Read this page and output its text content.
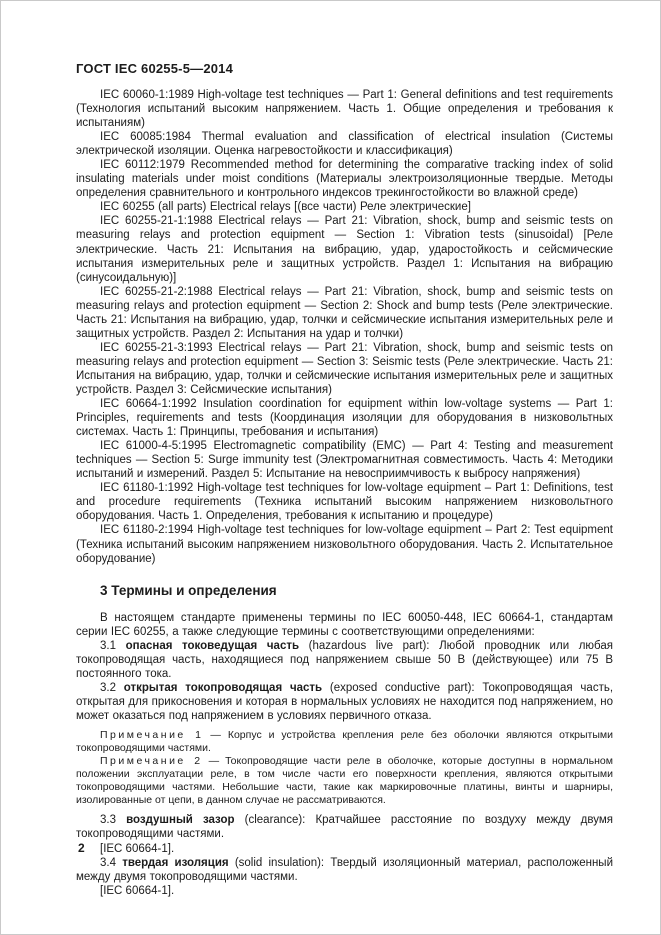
ГОСТ IEC 60255-5—2014

IEC 60060-1:1989 High-voltage test techniques — Part 1: General definitions and test requirements (Технология испытаний высоким напряжением. Часть 1. Общие определения и требования к испытаниям)

IEC 60085:1984 Thermal evaluation and classification of electrical insulation (Системы электрической изоляции. Оценка нагревостойкости и классификация)

IEC 60112:1979 Recommended method for determining the comparative tracking index of solid insulating materials under moist conditions (Материалы электроизоляционные твердые. Методы определения сравнительного и контрольного индексов трекингостойкости во влажной среде)

IEC 60255 (all parts) Electrical relays [(все части) Реле электрические]

IEC 60255-21-1:1988 Electrical relays — Part 21: Vibration, shock, bump and seismic tests on measuring relays and protection equipment — Section 1: Vibration tests (sinusoidal) [Реле электрические. Часть 21: Испытания на вибрацию, удар, ударостойкость и сейсмические испытания измерительных реле и защитных устройств. Раздел 1: Испытания на вибрацию (синусоидальную)]

IEC 60255-21-2:1988 Electrical relays — Part 21: Vibration, shock, bump and seismic tests on measuring relays and protection equipment — Section 2: Shock and bump tests (Реле электрические. Часть 21: Испытания на вибрацию, удар, толчки и сейсмические испытания измерительных реле и защитных устройств. Раздел 2: Испытания на удар и толчки)

IEC 60255-21-3:1993 Electrical relays — Part 21: Vibration, shock, bump and seismic tests on measuring relays and protection equipment — Section 3: Seismic tests (Реле электрические. Часть 21: Испытания на вибрацию, удар, толчки и сейсмические испытания измерительных реле и защитных устройств. Раздел 3: Сейсмические испытания)

IEC 60664-1:1992 Insulation coordination for equipment within low-voltage systems — Part 1: Principles, requirements and tests (Координация изоляции для оборудования в низковольтных системах. Часть 1: Принципы, требования и испытания)

IEC 61000-4-5:1995 Electromagnetic compatibility (EMC) — Part 4: Testing and measurement techniques — Section 5: Surge immunity test (Электромагнитная совместимость. Часть 4: Методики испытаний и измерений. Раздел 5: Испытание на невосприимчивость к выбросу напряжения)

IEC 61180-1:1992 High-voltage test techniques for low-voltage equipment – Part 1: Definitions, test and procedure requirements (Техника испытаний высоким напряжением низковольтного оборудования. Часть 1. Определения, требования к испытанию и процедуре)

IEC 61180-2:1994 High-voltage test techniques for low-voltage equipment – Part 2: Test equipment (Техника испытаний высоким напряжением низковольтного оборудования. Часть 2. Испытательное оборудование)

3 Термины и определения

В настоящем стандарте применены термины по IEC 60050-448, IEC 60664-1, стандартам серии IEC 60255, а также следующие термины с соответствующими определениями:

3.1 опасная токоведущая часть (hazardous live part): Любой проводник или любая токопроводящая часть, находящиеся под напряжением свыше 50 В (действующее) или 75 В постоянного тока.

3.2 открытая токопроводящая часть (exposed conductive part): Токопроводящая часть, открытая для прикосновения и которая в нормальных условиях не находится под напряжением, но может оказаться под напряжением в условиях первичного отказа.

Примечание 1 — Корпус и устройства крепления реле без оболочки являются открытыми токопроводящими частями.

Примечание 2 — Токопроводящие части реле в оболочке, которые доступны в нормальном положении эксплуатации реле, в том числе части его поверхности крепления, являются открытыми токопроводящими частями. Небольшие части, такие как маркировочные платины, винты и шарниры, изолированные от цепи, в данном случае не рассматриваются.

3.3 воздушный зазор (clearance): Кратчайшее расстояние по воздуху между двумя токопроводящими частями.

[IEC 60664-1].

3.4 твердая изоляция (solid insulation): Твердый изоляционный материал, расположенный между двумя токопроводящими частями.

[IEC 60664-1].

2
